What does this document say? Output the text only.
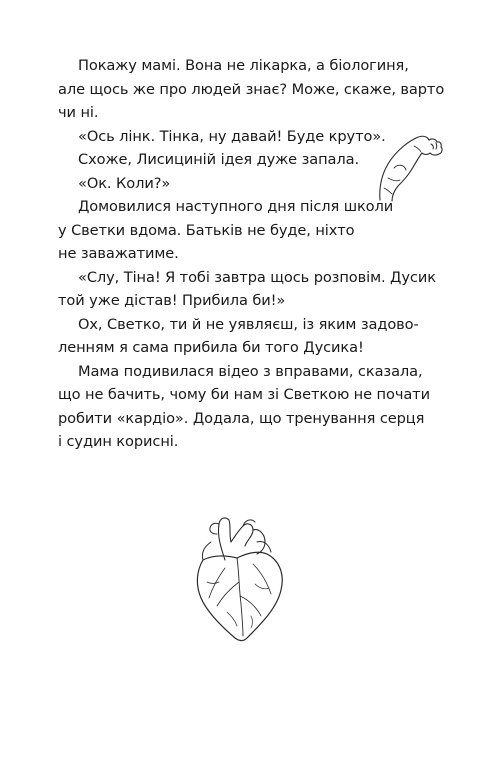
Покажу мамі. Вона не лікарка, а біологиня,
але щось же про людей знає? Може, скаже, варто
чи ні.
«Ось лінк. Тінка, ну давай! Буде круто».
Схоже, Лисициній ідея дуже запала.
«Ок. Коли?»
Домовилися наступного дня після школи
у Светки вдома. Батьків не буде, ніхто
не заважатиме.
«Слу, Тіна! Я тобі завтра щось розповім. Дусик
той уже дістав! Прибила би!»
Ох, Светко, ти й не уявляєш, із яким задово-
ленням я сама прибила би того Дусика!
Мама подивилася відео з вправами, сказала,
що не бачить, чому би нам зі Светкою не почати
робити «кардіо». Додала, що тренування серця
і судин корисні.
